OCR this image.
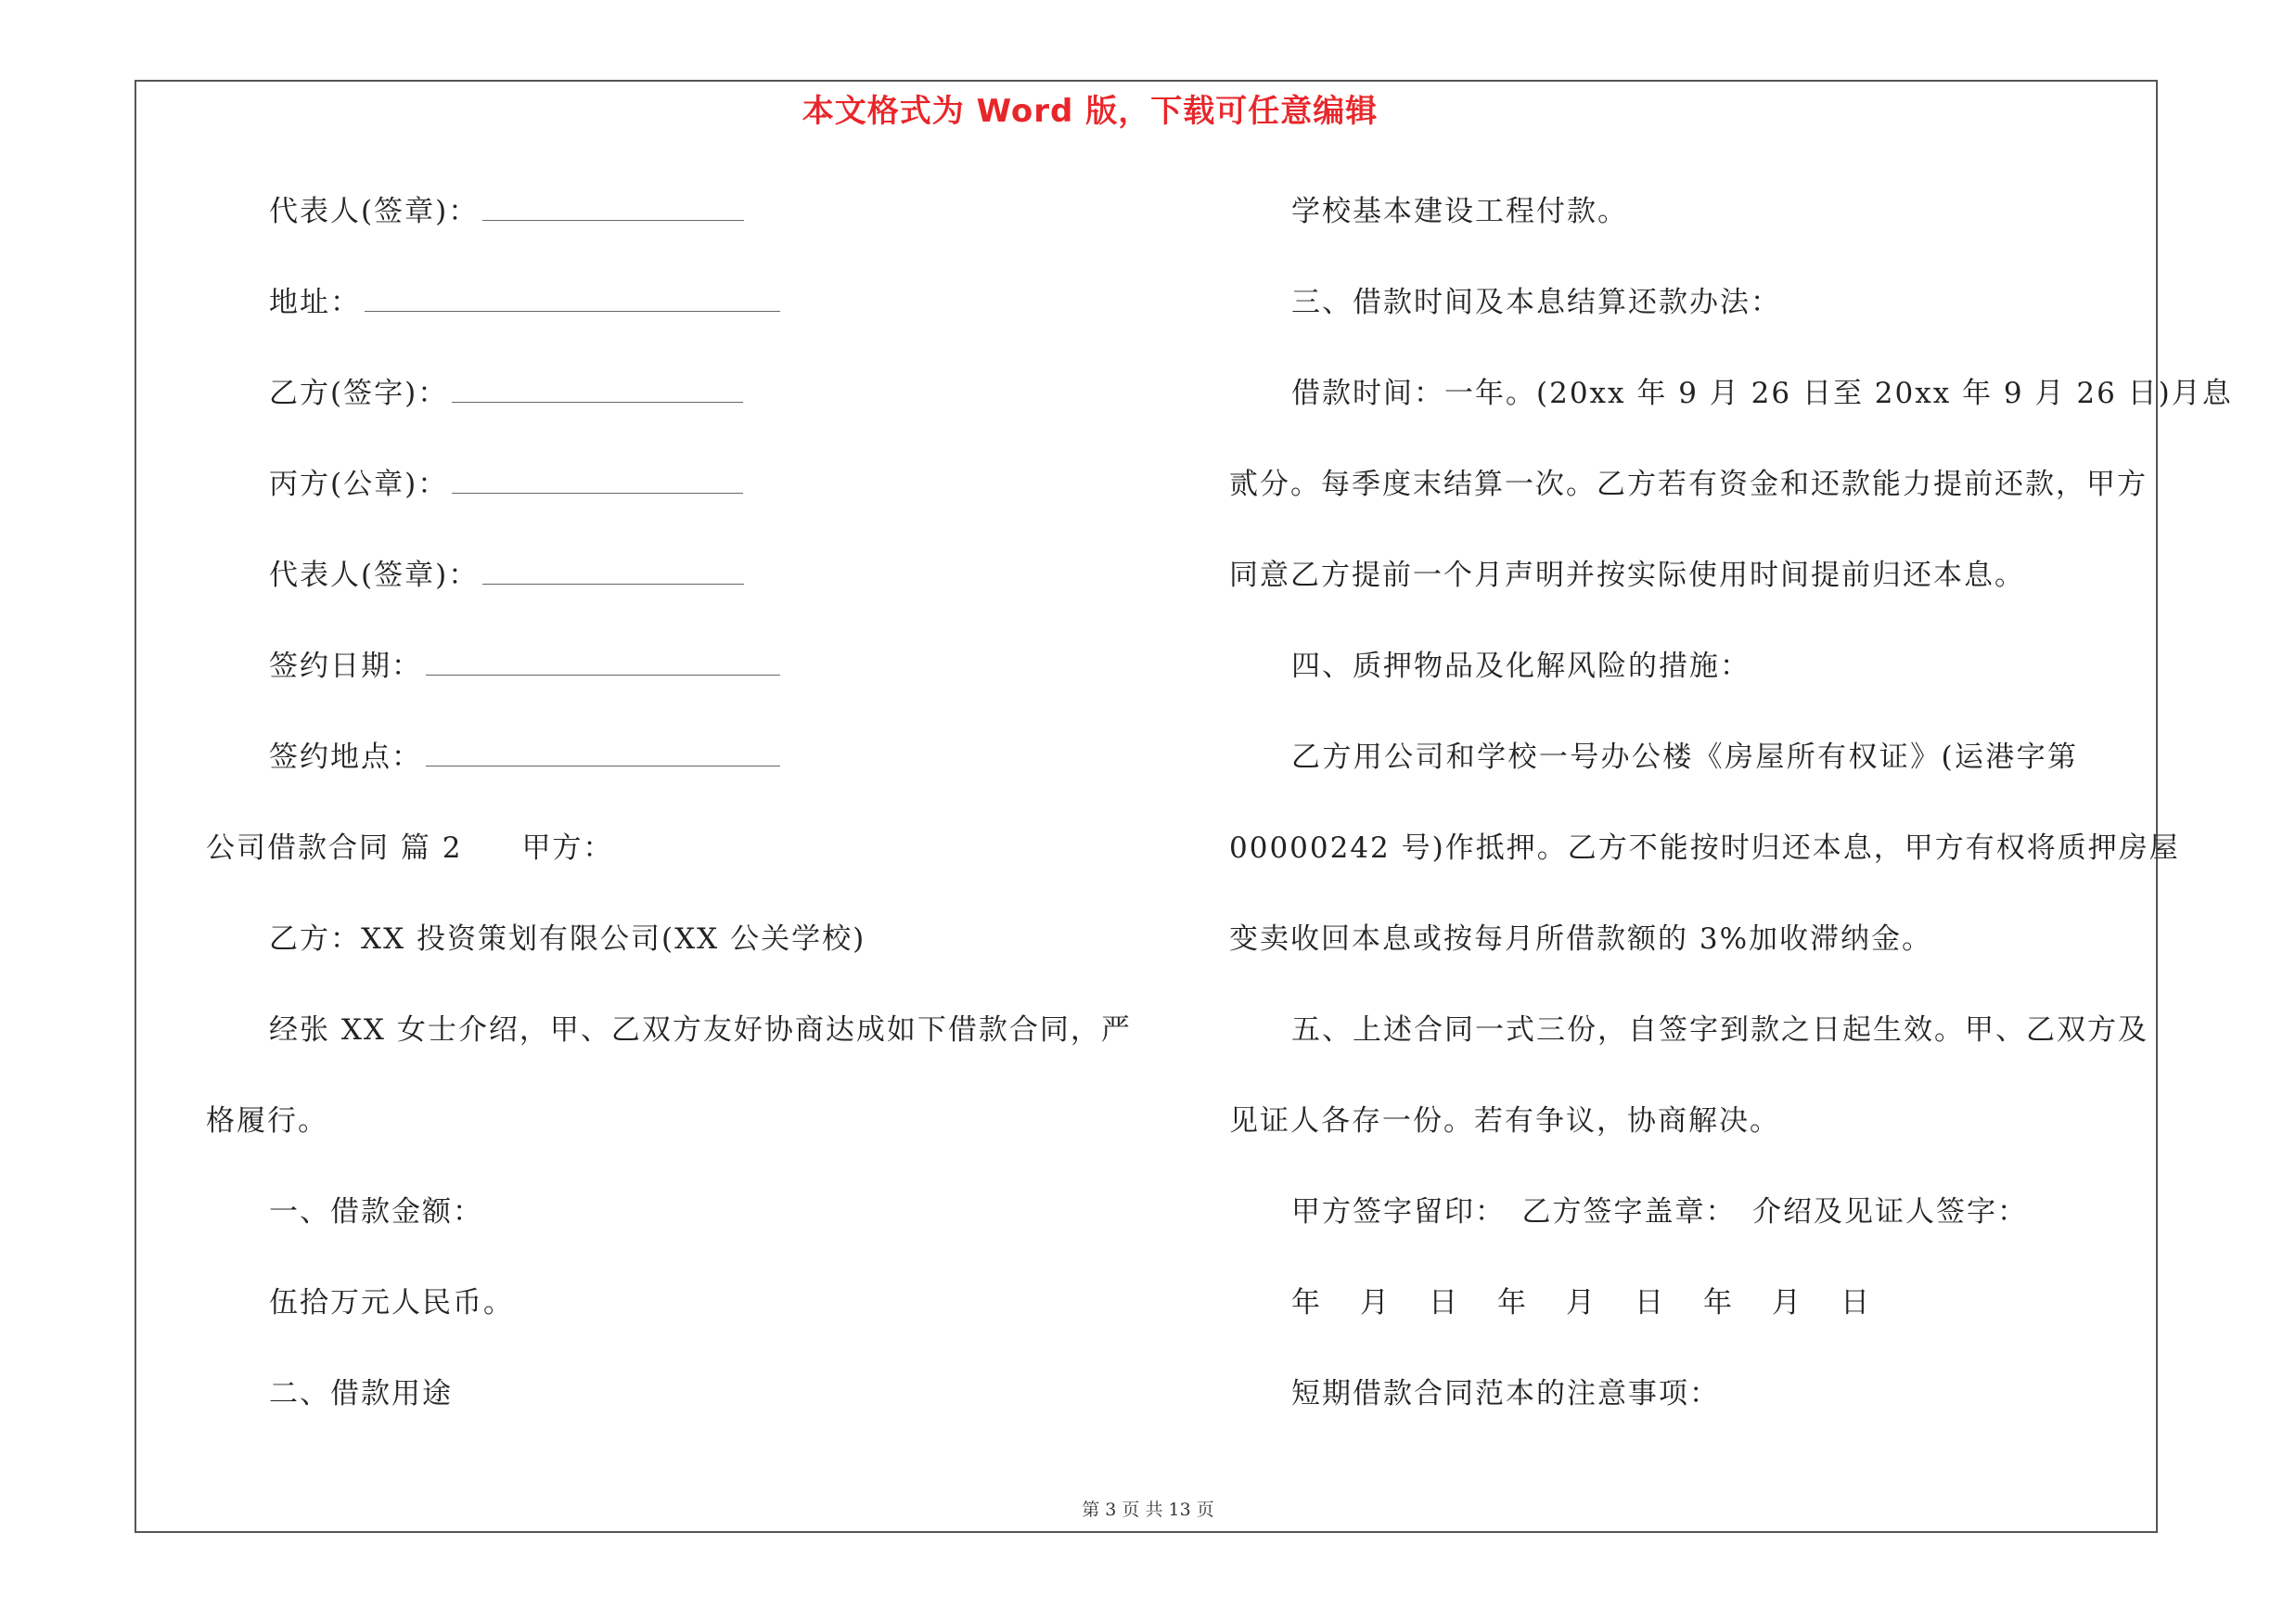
本文格式为 Word 版，下载可任意编辑
代表人(签章)：
地址：
乙方(签字)：
丙方(公章)：
代表人(签章)：
签约日期：
签约地点：
公司借款合同 篇 2 甲方：
乙方：XX 投资策划有限公司(XX 公关学校)
经张 XX 女士介绍，甲、乙双方友好协商达成如下借款合同，严
格履行。
一、借款金额：
伍拾万元人民币。
二、借款用途
学校基本建设工程付款。
三、借款时间及本息结算还款办法：
借款时间：一年。(20xx 年 9 月 26 日至 20xx 年 9 月 26 日)月息
贰分。每季度末结算一次。乙方若有资金和还款能力提前还款，甲方
同意乙方提前一个月声明并按实际使用时间提前归还本息。
四、质押物品及化解风险的措施：
乙方用公司和学校一号办公楼《房屋所有权证》(运港字第
00000242 号)作抵押。乙方不能按时归还本息，甲方有权将质押房屋
变卖收回本息或按每月所借款额的 3%加收滞纳金。
五、上述合同一式三份，自签字到款之日起生效。甲、乙双方及
见证人各存一份。若有争议，协商解决。
甲方签字留印：　乙方签字盖章：　介绍及见证人签字：
年　月　日　年　月　日　年　月　日
短期借款合同范本的注意事项：
第 3 页 共 13 页
